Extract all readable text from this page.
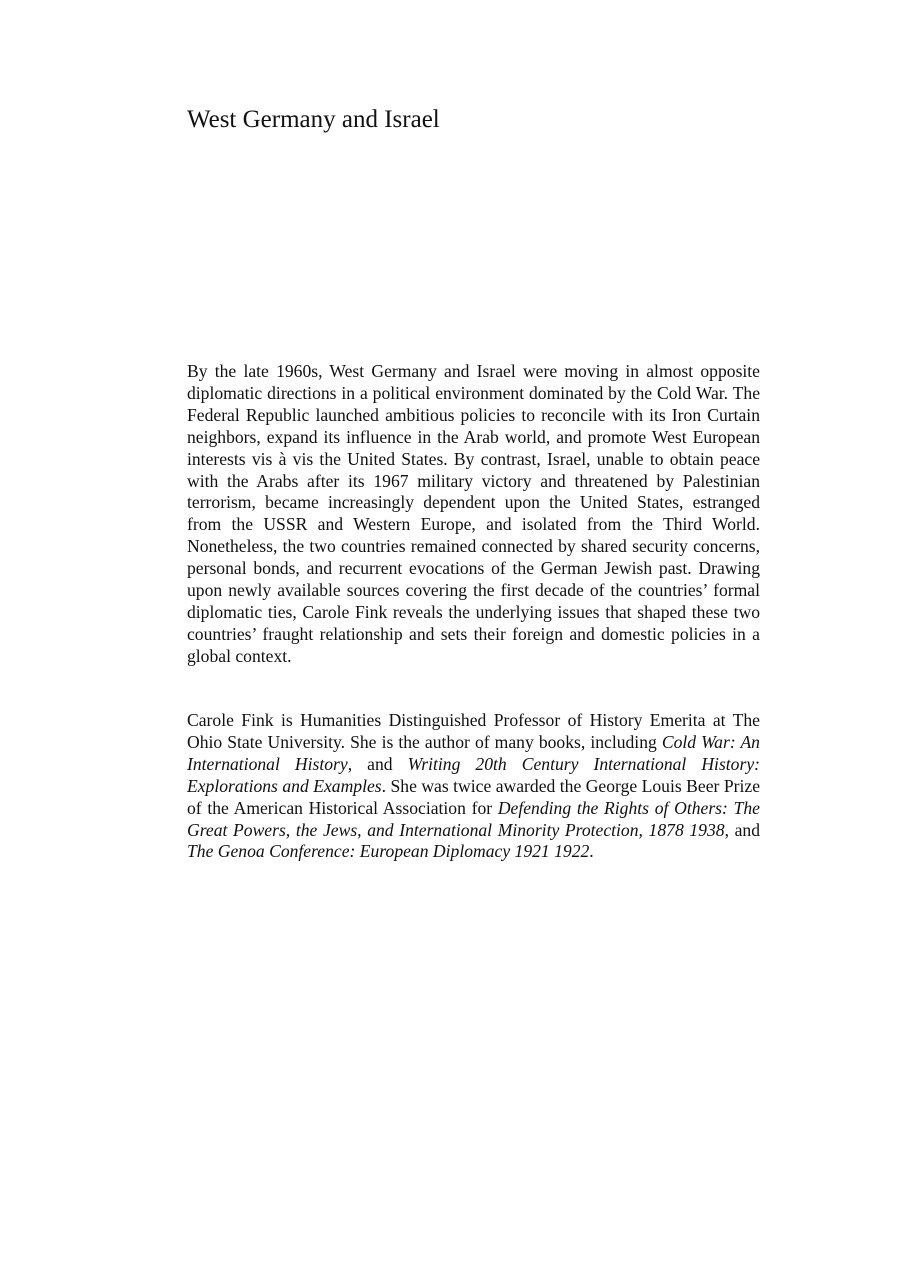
West Germany and Israel

By the late 1960s, West Germany and Israel were moving in almost opposite diplomatic directions in a political environment dominated by the Cold War. The Federal Republic launched ambitious policies to reconcile with its Iron Curtain neighbors, expand its influence in the Arab world, and promote West European interests vis à vis the United States. By contrast, Israel, unable to obtain peace with the Arabs after its 1967 military victory and threatened by Palestinian terrorism, became increasingly dependent upon the United States, estranged from the USSR and Western Europe, and isolated from the Third World. Nonetheless, the two countries remained connected by shared security concerns, personal bonds, and recurrent evocations of the German Jewish past. Drawing upon newly available sources covering the first decade of the countries’ formal diplomatic ties, Carole Fink reveals the underlying issues that shaped these two countries’ fraught relationship and sets their foreign and domestic policies in a global context.

Carole Fink is Humanities Distinguished Professor of History Emerita at The Ohio State University. She is the author of many books, including Cold War: An International History, and Writing 20th Century International History: Explorations and Examples. She was twice awarded the George Louis Beer Prize of the American Historical Association for Defending the Rights of Others: The Great Powers, the Jews, and International Minority Protection, 1878 1938, and The Genoa Conference: European Diplomacy 1921 1922.
